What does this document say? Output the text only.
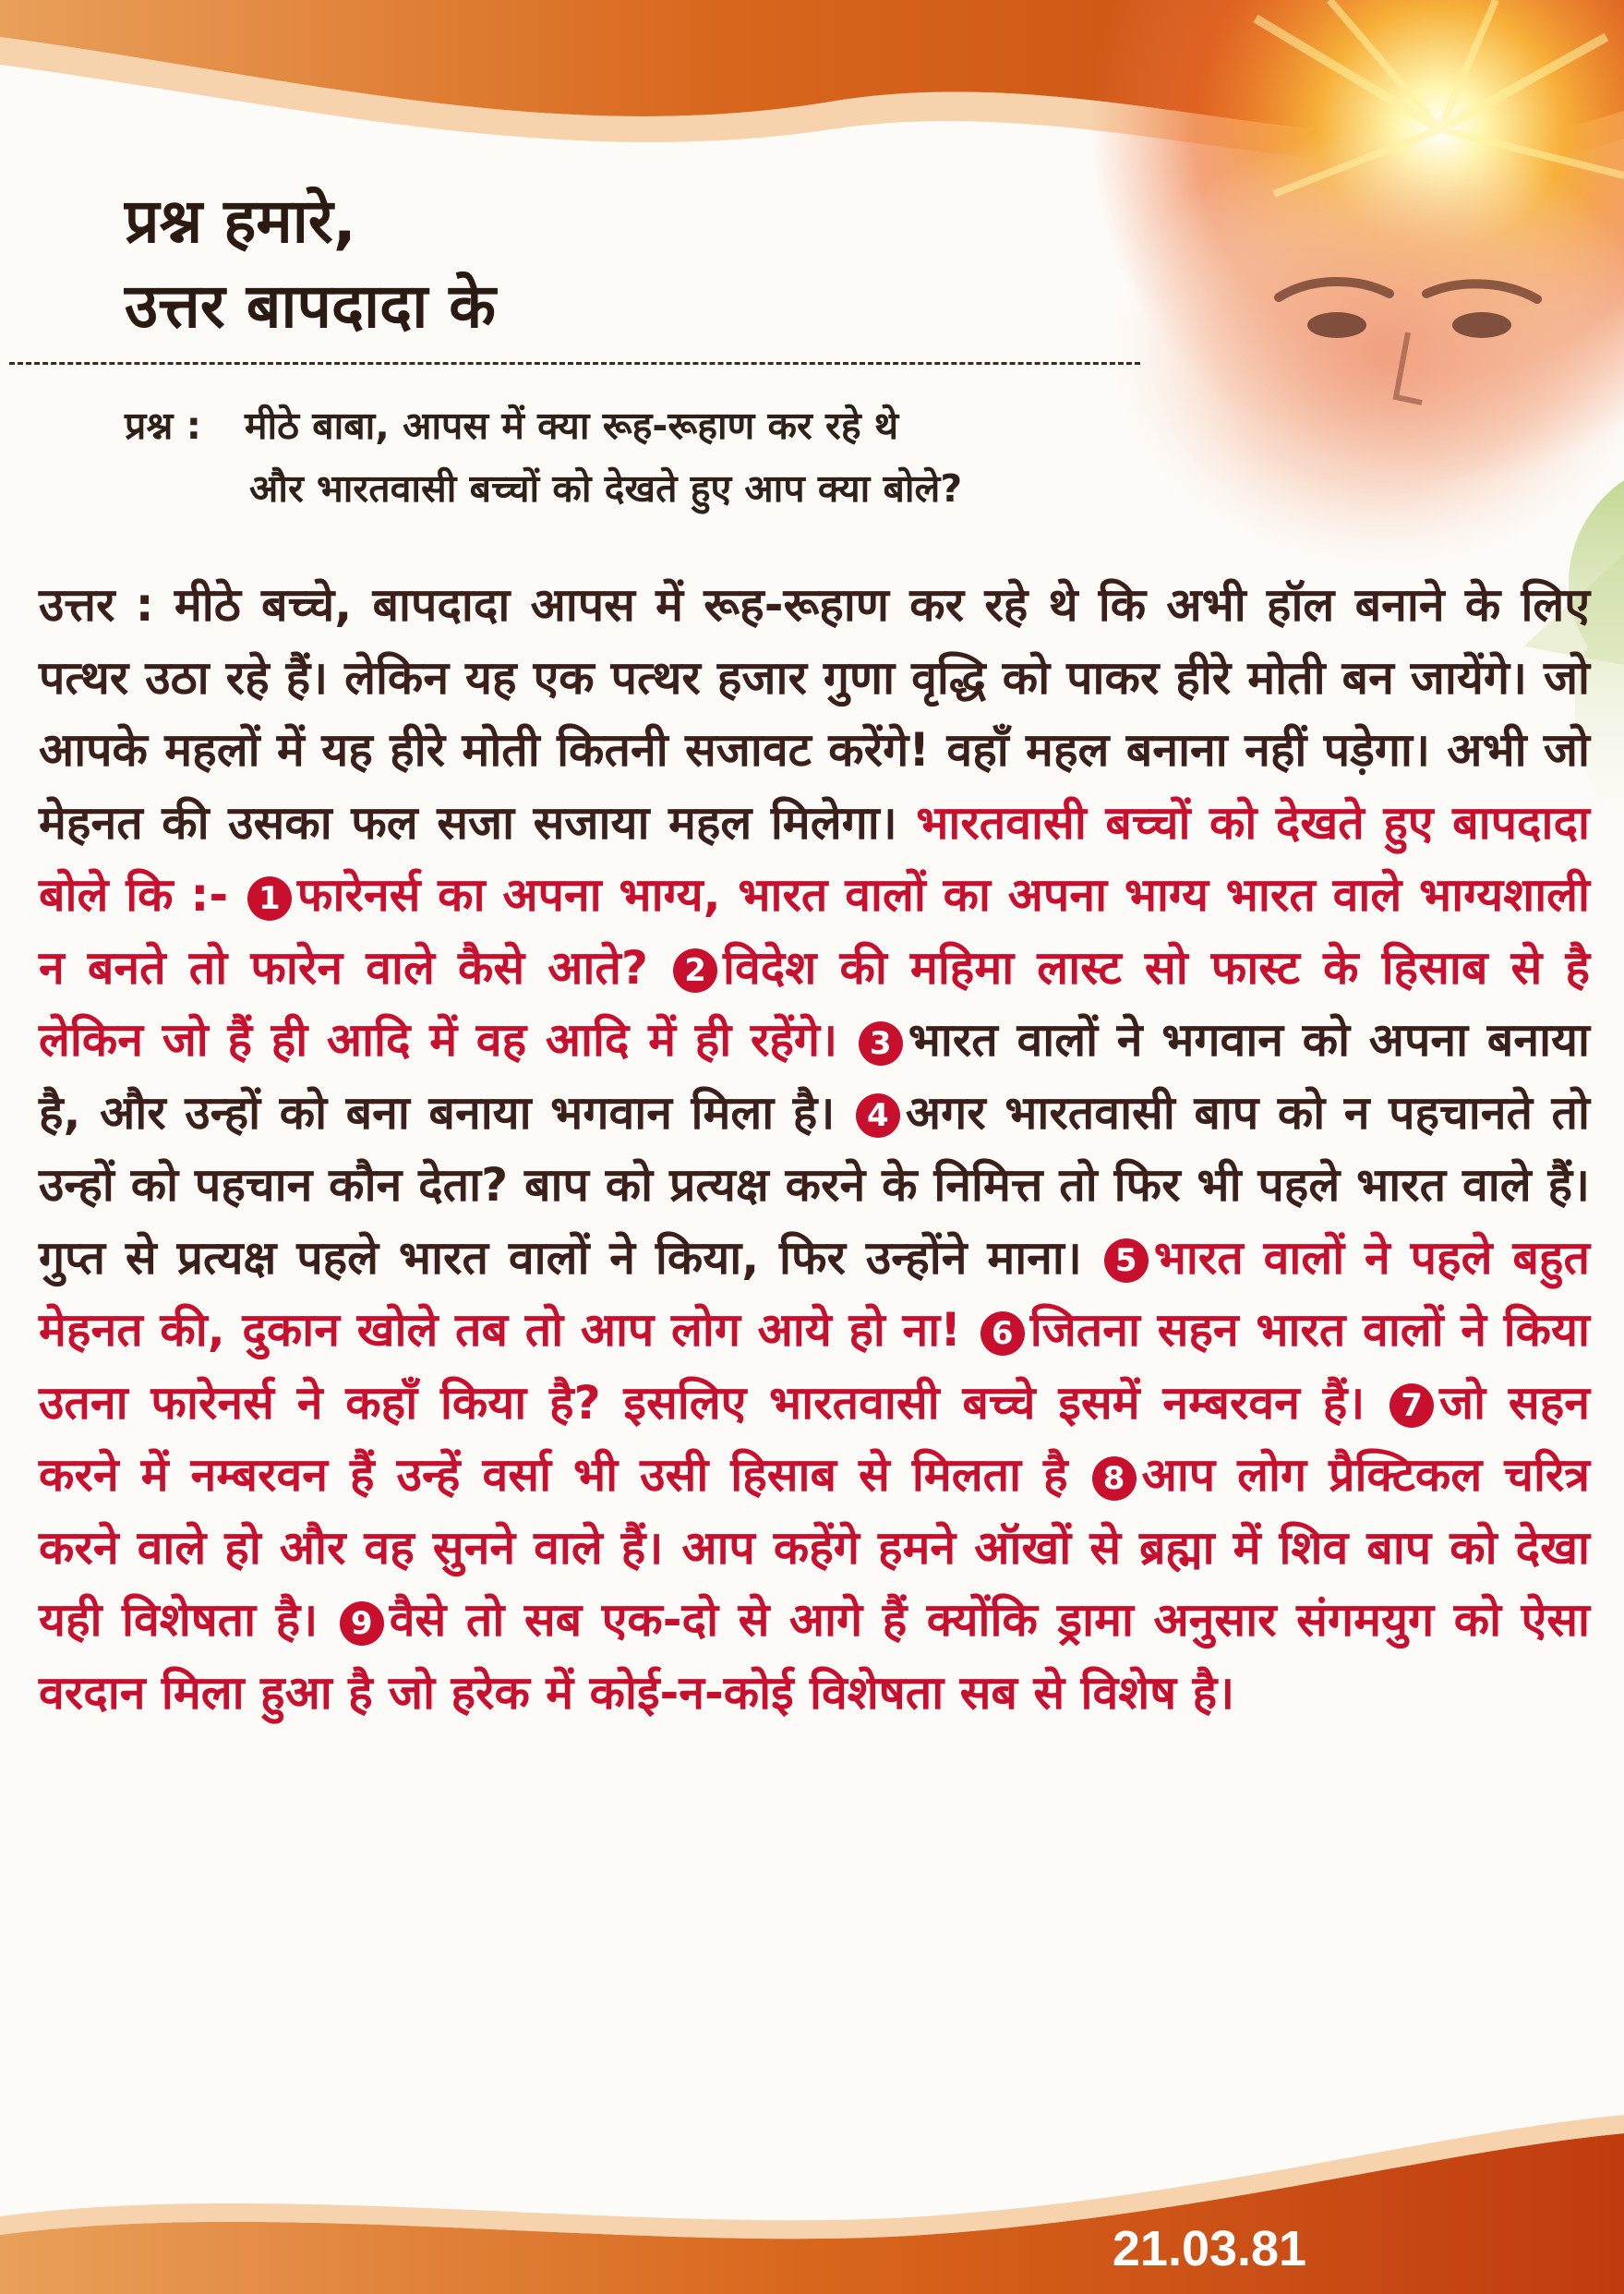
प्रश्न हमारे,
उत्तर बापदादा के
प्रश्न : मीठे बाबा, आपस में क्या रूह-रूहाण कर रहे थे
और भारतवासी बच्चों को देखते हुए आप क्या बोले?

उत्तर : मीठे बच्चे, बापदादा आपस में रूह-रूहाण कर रहे थे कि अभी हॉल बनाने के लिए पत्थर उठा रहे हैं। लेकिन यह एक पत्थर हजार गुणा वृद्धि को पाकर हीरे मोती बन जायेंगे। जो आपके महलों में यह हीरे मोती कितनी सजावट करेंगे! वहाँ महल बनाना नहीं पड़ेगा। अभी जो मेहनत की उसका फल सजा सजाया महल मिलेगा। भारतवासी बच्चों को देखते हुए बापदादा बोले कि :- 1 फारेनर्स का अपना भाग्य, भारत वालों का अपना भाग्य भारत वाले भाग्यशाली न बनते तो फारेन वाले कैसे आते? 2 विदेश की महिमा लास्ट सो फास्ट के हिसाब से है लेकिन जो हैं ही आदि में वह आदि में ही रहेंगे। 3 भारत वालों ने भगवान को अपना बनाया है, और उन्हों को बना बनाया भगवान मिला है। 4 अगर भारतवासी बाप को न पहचानते तो उन्हों को पहचान कौन देता? बाप को प्रत्यक्ष करने के निमित्त तो फिर भी पहले भारत वाले हैं। गुप्त से प्रत्यक्ष पहले भारत वालों ने किया, फिर उन्होंने माना। 5 भारत वालों ने पहले बहुत मेहनत की, दुकान खोले तब तो आप लोग आये हो ना! 6 जितना सहन भारत वालों ने किया उतना फारेनर्स ने कहाँ किया है? इसलिए भारतवासी बच्चे इसमें नम्बरवन हैं। 7 जो सहन करने में नम्बरवन हैं उन्हें वर्सा भी उसी हिसाब से मिलता है 8 आप लोग प्रैक्टिकल चरित्र करने वाले हो और वह सुनने वाले हैं। आप कहेंगे हमने ऑखों से ब्रह्मा में शिव बाप को देखा यही विशेषता है। 9 वैसे तो सब एक-दो से आगे हैं क्योंकि ड्रामा अनुसार संगमयुग को ऐसा वरदान मिला हुआ है जो हरेक में कोई-न-कोई विशेषता सब से विशेष है।

21.03.81
